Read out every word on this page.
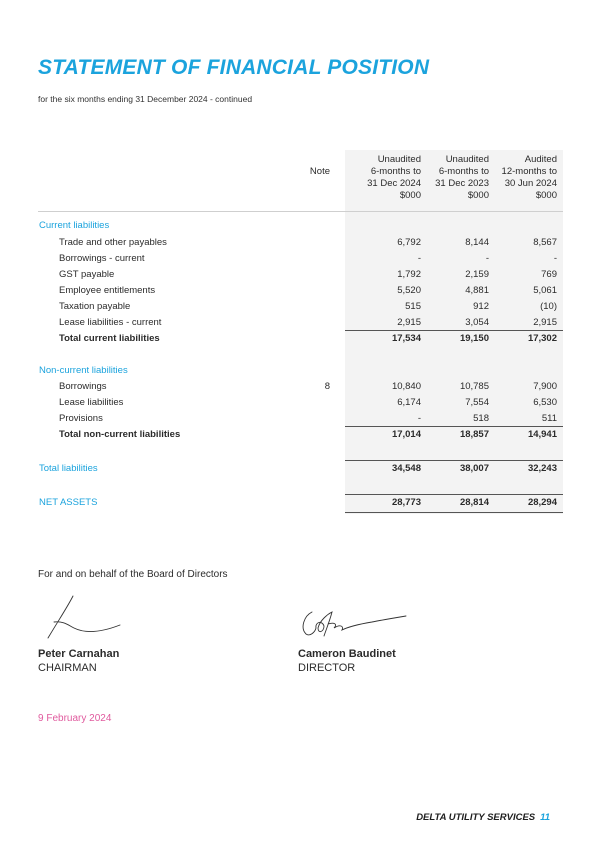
STATEMENT OF FINANCIAL POSITION
for the six months ending 31 December 2024 - continued
Note
Unaudited
6-months to
31 Dec 2024
$000
Unaudited
6-months to
31 Dec 2023
$000
Audited
12-months to
30 Jun 2024
$000
Current liabilities
Trade and other payables	6,792	8,144	8,567
Borrowings - current	-	-	-
GST payable	1,792	2,159	769
Employee entitlements	5,520	4,881	5,061
Taxation payable	515	912	(10)
Lease liabilities - current	2,915	3,054	2,915
Total current liabilities	17,534	19,150	17,302
Non-current liabilities
Borrowings	8	10,840	10,785	7,900
Lease liabilities	6,174	7,554	6,530
Provisions	-	518	511
Total non-current liabilities	17,014	18,857	14,941
Total liabilities	34,548	38,007	32,243
NET ASSETS	28,773	28,814	28,294
For and on behalf of the Board of Directors
Peter Carnahan
CHAIRMAN
Cameron Baudinet
DIRECTOR
9 February 2024
DELTA UTILITY SERVICES 11
